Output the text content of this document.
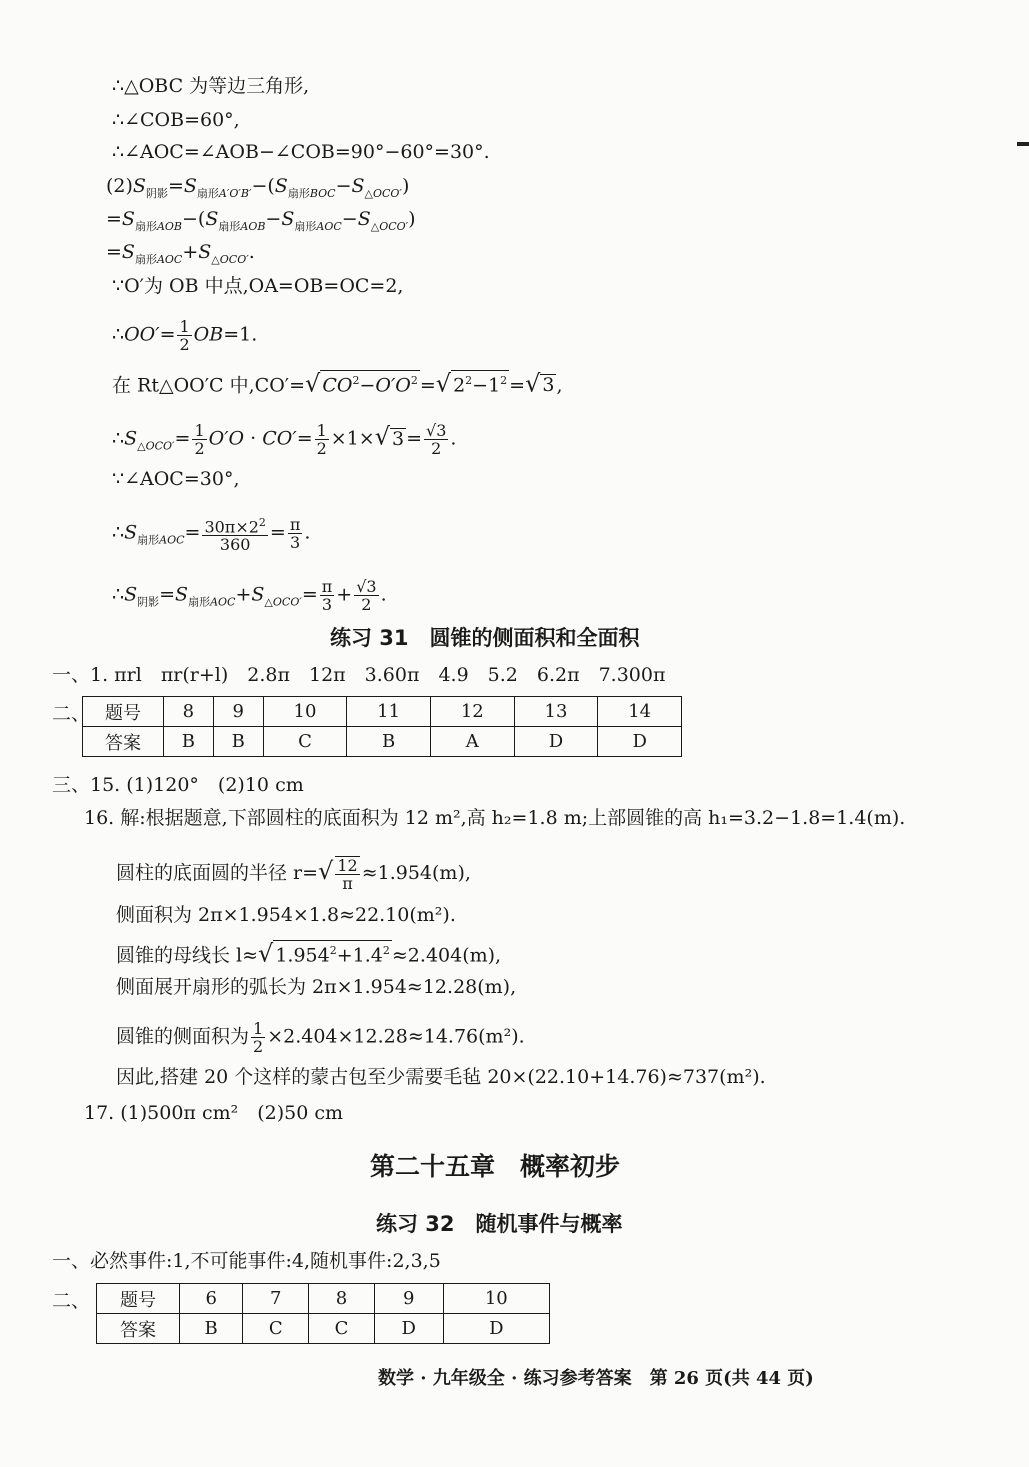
∴△OBC 为等边三角形,
∴∠COB=60°,
∴∠AOC=∠AOB−∠COB=90°−60°=30°.
$(2)S_{阴影}=S_{扇形A'O'B'}-(S_{扇形BOC}-S_{\triangle OCO'})$
$=S_{扇形AOB}-(S_{扇形AOB}-S_{扇形AOC}-S_{\triangle OCO'})$
$=S_{扇形AOC}+S_{\triangle OCO'}$.
∵O′为 OB 中点,OA=OB=OC=2,
∴OO′= $\frac{1}{2} OB=1$.
在 Rt△OO′C 中,CO′=√ $CO^2-O'O^2$ =√ $2^2-1^2$ =√ 3 ,
$\therefore S_{\triangle OCO'}= \frac{1}{2} O'O \cdot CO'= \frac{1}{2} \times 1\times√$ $3 = \frac{√3}{2}$ .
∵∠AOC=30°,
$\therefore S_{扇形AOC}= \frac{30\pi\times 2^2}{360} = \frac{\pi}{3}$ .
$\therefore S_{阴影}=S_{扇形AOC}+S_{\triangle OCO'}= \frac{\pi}{3} + \frac{√3}{2}$ .
练习 31　圆锥的侧面积和全面积
一、1. πrl　πr(r+l)　2.8π　12π　3.60π　4.9　5.2　6.2π　7.300π
二、 题号	8	9	10	11	12	13	14
答案	B	B	C	B	A	D	D
三、15. (1)120°　(2)10 cm
16. 解:根据题意,下部圆柱的底面积为 12 m²,高 h₂=1.8 m;上部圆锥的高 h₁=3.2−1.8=1.4(m).
圆柱的底面圆的半径 $r=√ \frac{12}{\pi} \approx 1.954(m)$,
侧面积为 2π×1.954×1.8≈22.10(m²).
圆锥的母线长 l≈√ $1.954^2+1.4^2 \approx 2.404(m)$,
侧面展开扇形的弧长为 2π×1.954≈12.28(m),
圆锥的侧面积为 $\frac{1}{2} \times 2.404\times 12.28\approx 14.76(m^2)$.
因此,搭建 20 个这样的蒙古包至少需要毛毡 20×(22.10+14.76)≈737(m²).
17. (1)500π cm²　(2)50 cm
第二十五章　概率初步
练习 32　随机事件与概率
一、必然事件:1,不可能事件:4,随机事件:2,3,5
二、 题号	6	7	8	9	10
答案	B	C	C	D	D
数学 · 九年级全 · 练习参考答案　第 26 页(共 44 页)
